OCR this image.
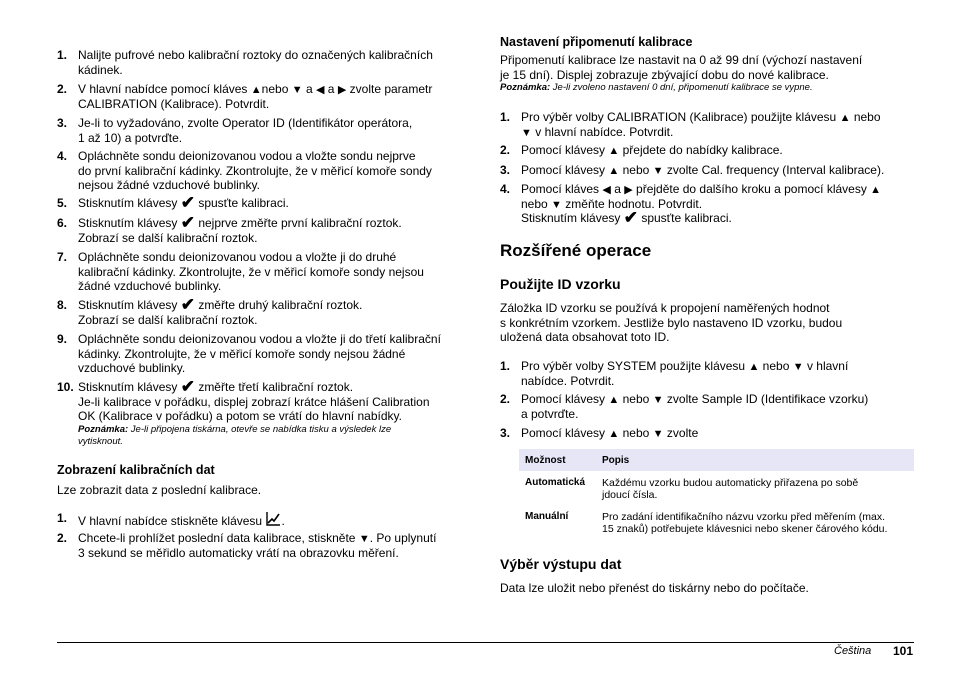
1. Nalijte pufrové nebo kalibrační roztoky do označených kalibračních
kádinek.
2. V hlavní nabídce pomocí kláves ▲nebo ▼ a ◀ a ▶ zvolte parametr
CALIBRATION (Kalibrace). Potvrdit.
3. Je-li to vyžadováno, zvolte Operator ID (Identifikátor operátora,
1 až 10) a potvrďte.
4. Opláchněte sondu deionizovanou vodou a vložte sondu nejprve
do první kalibrační kádinky. Zkontrolujte, že v měřicí komoře sondy
nejsou žádné vzduchové bublinky.
5. Stisknutím klávesy ✔ spusťte kalibraci.
6. Stisknutím klávesy ✔ nejprve změřte první kalibrační roztok.
Zobrazí se další kalibrační roztok.
7. Opláchněte sondu deionizovanou vodou a vložte ji do druhé
kalibrační kádinky. Zkontrolujte, že v měřicí komoře sondy nejsou
žádné vzduchové bublinky.
8. Stisknutím klávesy ✔ změřte druhý kalibrační roztok.
Zobrazí se další kalibrační roztok.
9. Opláchněte sondu deionizovanou vodou a vložte ji do třetí kalibrační
kádinky. Zkontrolujte, že v měřicí komoře sondy nejsou žádné
vzduchové bublinky.
10. Stisknutím klávesy ✔ změřte třetí kalibrační roztok.
Je-li kalibrace v pořádku, displej zobrazí krátce hlášení Calibration
OK (Kalibrace v pořádku) a potom se vrátí do hlavní nabídky.
Poznámka: Je-li připojena tiskárna, otevře se nabídka tisku a výsledek lze
vytisknout.
Zobrazení kalibračních dat
Lze zobrazit data z poslední kalibrace.
1. V hlavní nabídce stiskněte klávesu .
2. Chcete-li prohlížet poslední data kalibrace, stiskněte ▼. Po uplynutí
3 sekund se měřidlo automaticky vrátí na obrazovku měření.
Nastavení připomenutí kalibrace
Připomenutí kalibrace lze nastavit na 0 až 99 dní (výchozí nastavení
je 15 dní). Displej zobrazuje zbývající dobu do nové kalibrace.
Poznámka: Je-li zvoleno nastavení 0 dní, připomenutí kalibrace se vypne.
1. Pro výběr volby CALIBRATION (Kalibrace) použijte klávesu ▲ nebo
▼ v hlavní nabídce. Potvrdit.
2. Pomocí klávesy ▲ přejdete do nabídky kalibrace.
3. Pomocí klávesy ▲ nebo ▼ zvolte Cal. frequency (Interval kalibrace).
4. Pomocí kláves ◀ a ▶ přejděte do dalšího kroku a pomocí klávesy ▲
nebo ▼ změňte hodnotu. Potvrdit.
Stisknutím klávesy ✔ spusťte kalibraci.
Rozšířené operace
Použijte ID vzorku
Záložka ID vzorku se používá k propojení naměřených hodnot
s konkrétním vzorkem. Jestliže bylo nastaveno ID vzorku, budou
uložená data obsahovat toto ID.
1. Pro výběr volby SYSTEM použijte klávesu ▲ nebo ▼ v hlavní
nabídce. Potvrdit.
2. Pomocí klávesy ▲ nebo ▼ zvolte Sample ID (Identifikace vzorku)
a potvrďte.
3. Pomocí klávesy ▲ nebo ▼ zvolte
Možnost	Popis
Automatická	Každému vzorku budou automaticky přiřazena po sobě
jdoucí čísla.

Manuální	Pro zadání identifikačního názvu vzorku před měřením (max.
15 znaků) potřebujete klávesnici nebo skener čárového kódu.
Výběr výstupu dat
Data lze uložit nebo přenést do tiskárny nebo do počítače.
Čeština 101
